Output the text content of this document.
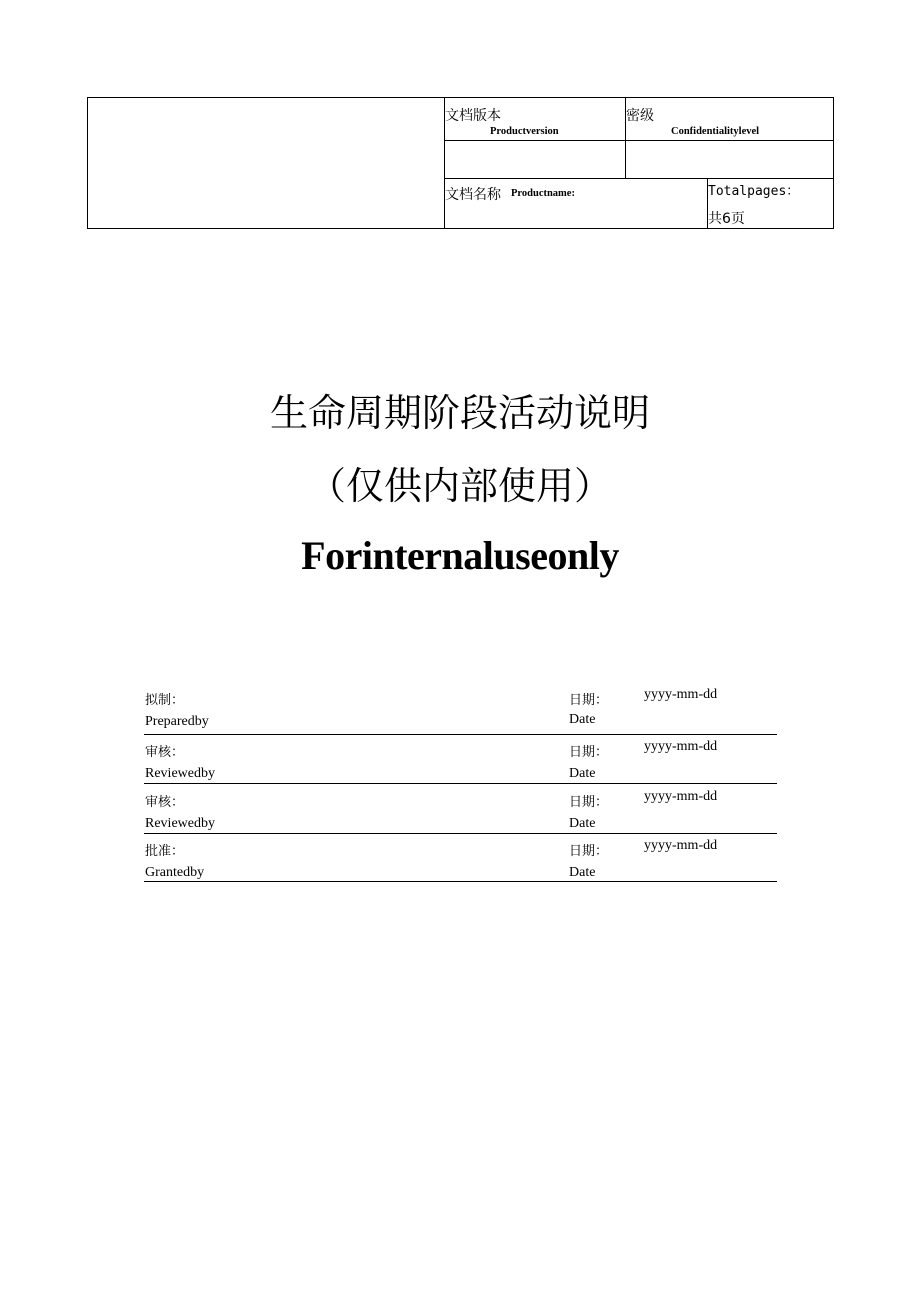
文档版本
Productversion
密级
Confidentialitylevel
文档名称 Productname:	Totalpages：
共6页
生命周期阶段活动说明
（仅供内部使用）
Forinternaluseonly
拟制：
Preparedby
日期：
Date
yyyy-mm-dd
审核：
Reviewedby
日期：
Date
yyyy-mm-dd
审核：
Reviewedby
日期：
Date
yyyy-mm-dd
批准：
Grantedby
日期：
Date
yyyy-mm-dd
